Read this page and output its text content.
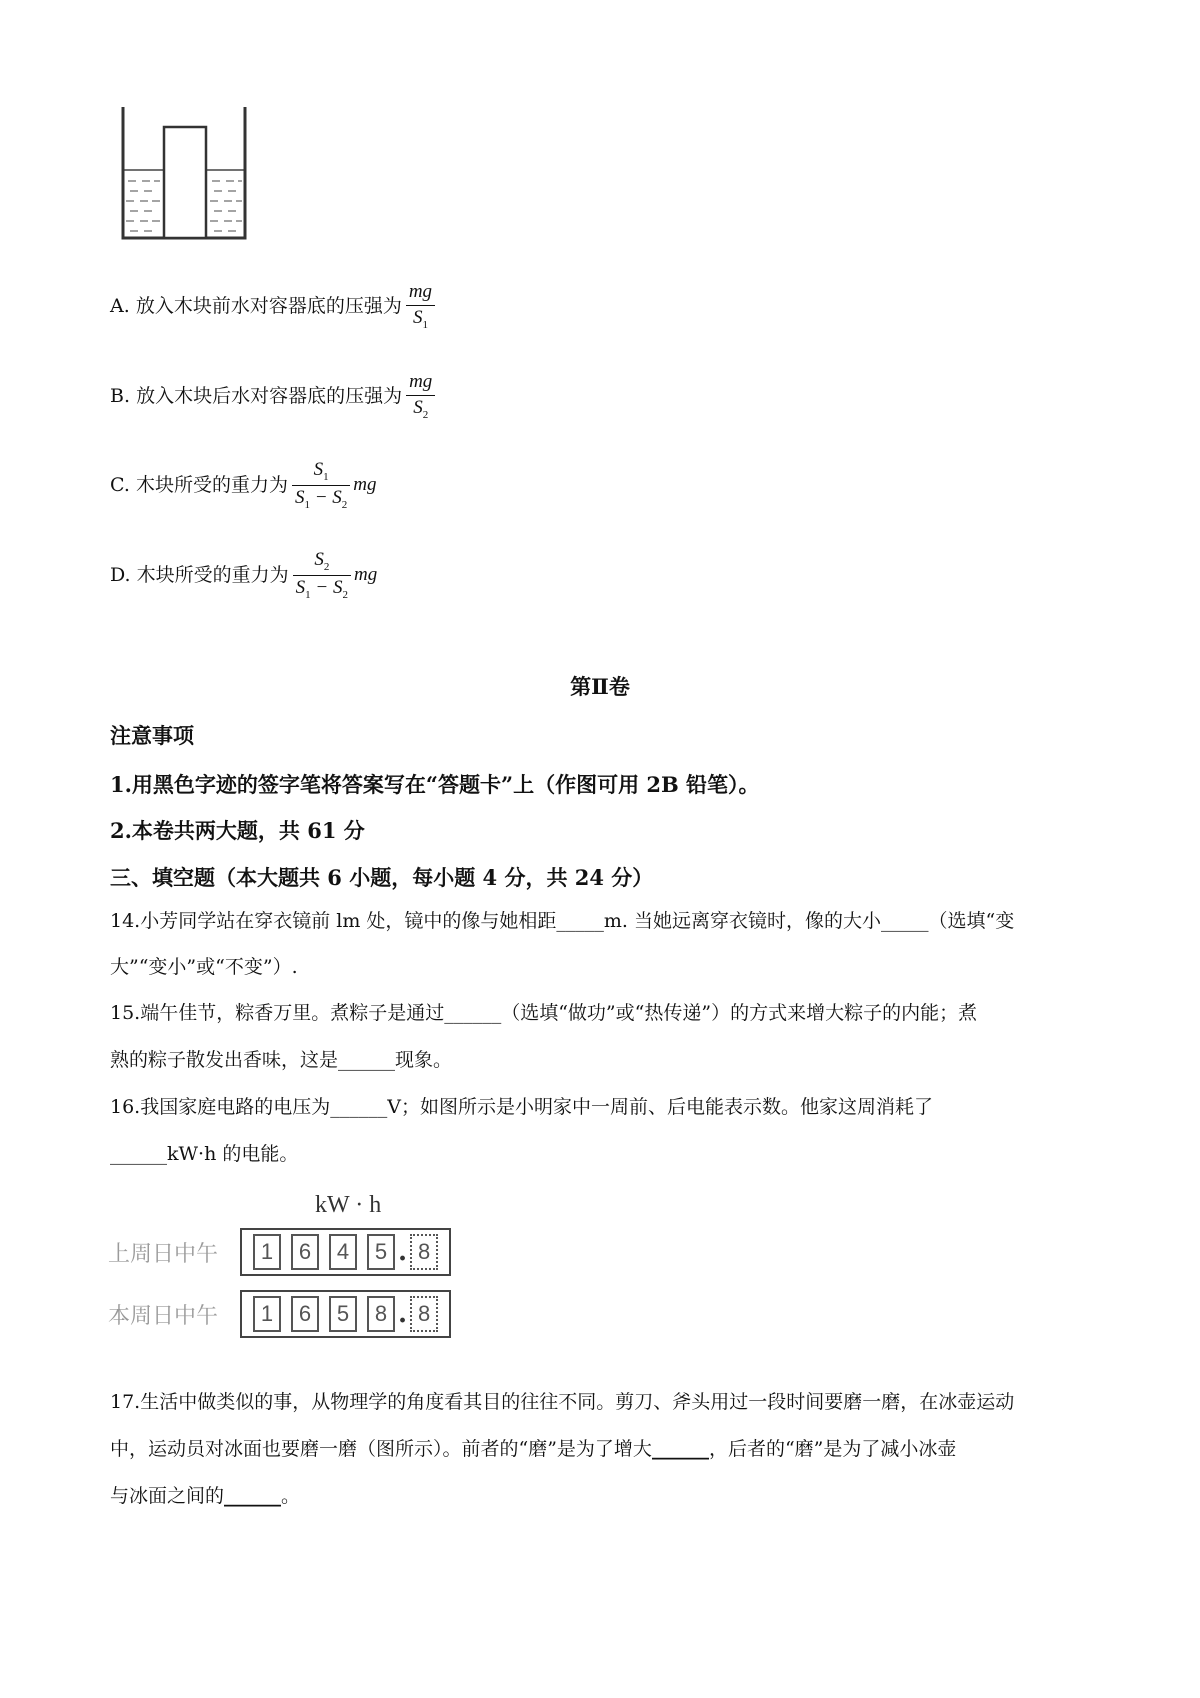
A.
放入木块前水对容器底的压强为 $\frac{mg}{S_1}$
B.
放入木块后水对容器底的压强为 $\frac{mg}{S_2}$
C.
木块所受的重力为 $\frac{S_1}{S_1 - S_2}$ mg
D.
木块所受的重力为 $\frac{S_2}{S_1 - S_2}$ mg
第Ⅱ卷
注意事项
1.用黑色字迹的签字笔将答案写在“答题卡”上（作图可用 2B 铅笔）。
2.本卷共两大题，共 61 分
三、填空题（本大题共 6 小题，每小题 4 分，共 24 分）
14.小芳同学站在穿衣镜前 lm 处，镜中的像与她相距_____m. 当她远离穿衣镜时，像的大小_____（选填“变
大”“变小”或“不变”）.
15.端午佳节，粽香万里。煮粽子是通过______（选填“做功”或“热传递”）的方式来增大粽子的内能；煮
熟的粽子散发出香味，这是______现象。
16.我国家庭电路的电压为______V；如图所示是小明家中一周前、后电能表示数。他家这周消耗了
______kW·h 的电能。
kW · h
上周日中午	1	6	4	5 . 8
本周日中午	1	6	5	8 . 8
17.生活中做类似的事，从物理学的角度看其目的往往不同。剪刀、斧头用过一段时间要磨一磨，在冰壶运动
中，运动员对冰面也要磨一磨（图所示）。前者的“磨”是为了增大______，后者的“磨”是为了减小冰壶
与冰面之间的______。
